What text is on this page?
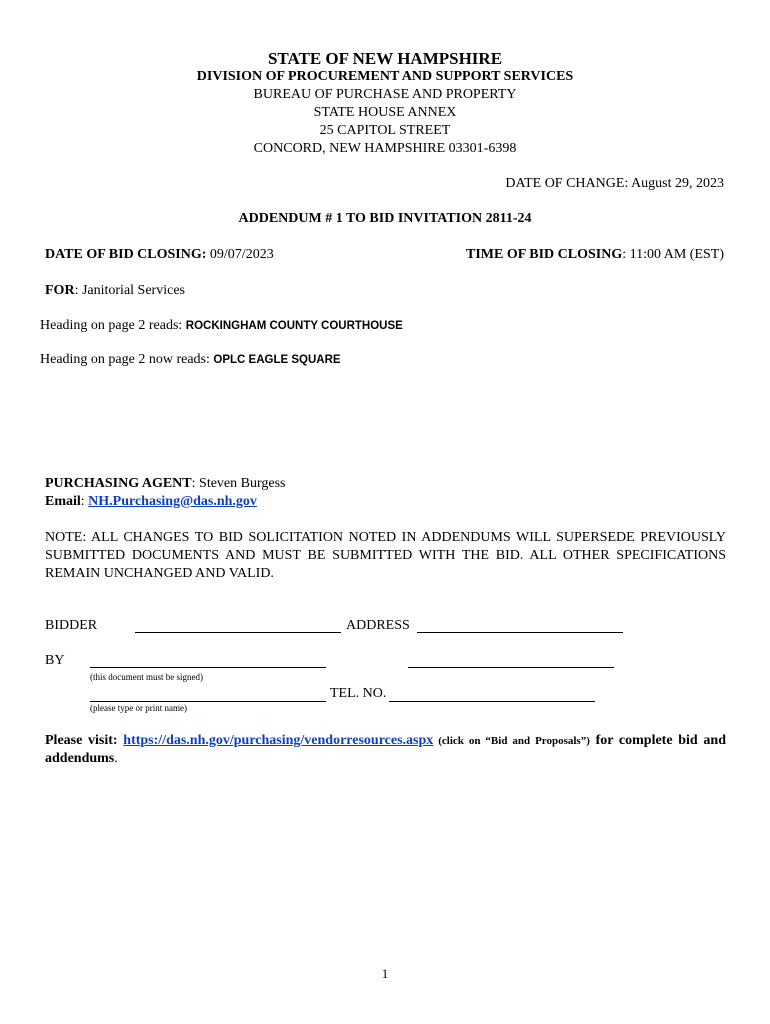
STATE OF NEW HAMPSHIRE
DIVISION OF PROCUREMENT AND SUPPORT SERVICES
BUREAU OF PURCHASE AND PROPERTY
STATE HOUSE ANNEX
25 CAPITOL STREET
CONCORD, NEW HAMPSHIRE 03301-6398
DATE OF CHANGE: August 29, 2023
ADDENDUM # 1 TO BID INVITATION 2811-24
DATE OF BID CLOSING: 09/07/2023	TIME OF BID CLOSING: 11:00 AM (EST)
FOR: Janitorial Services
Heading on page 2 reads: ROCKINGHAM COUNTY COURTHOUSE
Heading on page 2 now reads: OPLC EAGLE SQUARE
PURCHASING AGENT: Steven Burgess
Email: NH.Purchasing@das.nh.gov
NOTE: ALL CHANGES TO BID SOLICITATION NOTED IN ADDENDUMS WILL SUPERSEDE PREVIOUSLY SUBMITTED DOCUMENTS AND MUST BE SUBMITTED WITH THE BID. ALL OTHER SPECIFICATIONS REMAIN UNCHANGED AND VALID.
BIDDER	ADDRESS
BY
(this document must be signed)
TEL. NO.
(please type or print name)
Please visit: https://das.nh.gov/purchasing/vendorresources.aspx (click on “Bid and Proposals”) for complete bid and addendums.
1
